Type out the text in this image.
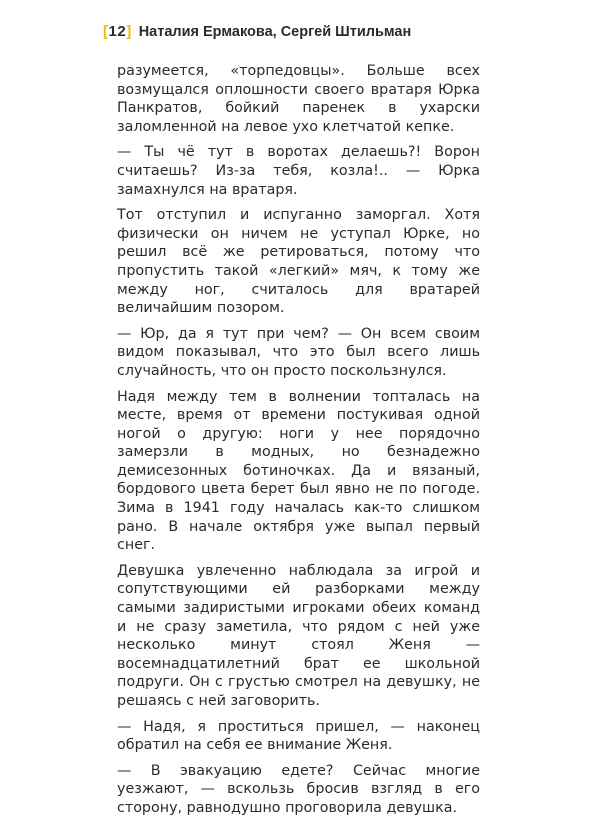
[12] Наталия Ермакова, Сергей Штильман

разумеется, «торпедовцы». Больше всех возмущался оплошности своего вратаря Юрка Панкратов, бойкий паренек в ухарски заломленной на левое ухо клетчатой кепке.

— Ты чё тут в воротах делаешь?! Ворон считаешь? Из-за тебя, козла!.. — Юрка замахнулся на вратаря.

Тот отступил и испуганно заморгал. Хотя физически он ничем не уступал Юрке, но решил всё же ретироваться, потому что пропустить такой «легкий» мяч, к тому же между ног, считалось для вратарей величайшим позором.

— Юр, да я тут при чем? — Он всем своим видом показывал, что это был всего лишь случайность, что он просто поскользнулся.

Надя между тем в волнении топталась на месте, время от времени постукивая одной ногой о другую: ноги у нее порядочно замерзли в модных, но безнадежно демисезонных ботиночках. Да и вязаный, бордового цвета берет был явно не по погоде. Зима в 1941 году началась как-то слишком рано. В начале октября уже выпал первый снег.

Девушка увлеченно наблюдала за игрой и сопутствующими ей разборками между самыми задиристыми игроками обеих команд и не сразу заметила, что рядом с ней уже несколько минут стоял Женя — восемнадцатилетний брат ее школьной подруги. Он с грустью смотрел на девушку, не решаясь с ней заговорить.

— Надя, я проститься пришел, — наконец обратил на себя ее внимание Женя.

— В эвакуацию едете? Сейчас многие уезжают, — вскользь бросив взгляд в его сторону, равнодушно проговорила девушка.
